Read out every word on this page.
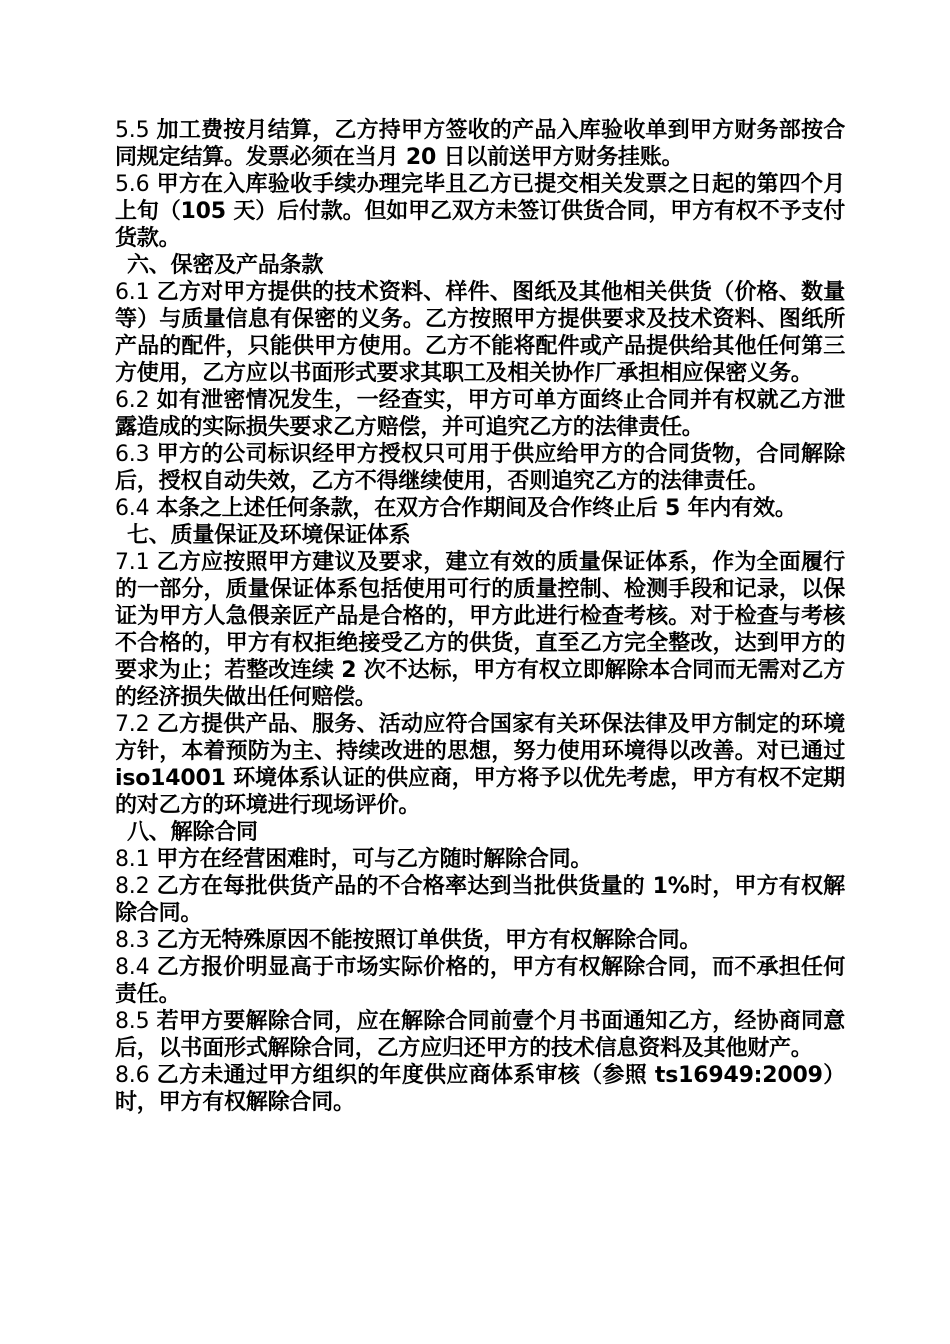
5.5 加工费按月结算，乙方持甲方签收的产品入库验收单到甲方财务部按合同规定结算。发票必须在当月 20 日以前送甲方财务挂账。

5.6 甲方在入库验收手续办理完毕且乙方已提交相关发票之日起的第四个月上旬（105 天）后付款。但如甲乙双方未签订供货合同，甲方有权不予支付货款。

六、保密及产品条款

6.1 乙方对甲方提供的技术资料、样件、图纸及其他相关供货（价格、数量等）与质量信息有保密的义务。乙方按照甲方提供要求及技术资料、图纸所产品的配件，只能供甲方使用。乙方不能将配件或产品提供给其他任何第三方使用，乙方应以书面形式要求其职工及相关协作厂承担相应保密义务。

6.2 如有泄密情况发生，一经查实，甲方可单方面终止合同并有权就乙方泄露造成的实际损失要求乙方赔偿，并可追究乙方的法律责任。

6.3 甲方的公司标识经甲方授权只可用于供应给甲方的合同货物，合同解除后，授权自动失效，乙方不得继续使用，否则追究乙方的法律责任。

6.4 本条之上述任何条款，在双方合作期间及合作终止后 5 年内有效。

七、质量保证及环境保证体系

7.1 乙方应按照甲方建议及要求，建立有效的质量保证体系，作为全面履行的一部分，质量保证体系包括使用可行的质量控制、检测手段和记录，以保证为甲方人急偎亲匠产品是合格的，甲方此进行检查考核。对于检查与考核不合格的，甲方有权拒绝接受乙方的供货，直至乙方完全整改，达到甲方的要求为止；若整改连续 2 次不达标，甲方有权立即解除本合同而无需对乙方的经济损失做出任何赔偿。

7.2 乙方提供产品、服务、活动应符合国家有关环保法律及甲方制定的环境方针，本着预防为主、持续改进的思想，努力使用环境得以改善。对已通过 iso14001 环境体系认证的供应商，甲方将予以优先考虑，甲方有权不定期的对乙方的环境进行现场评价。

八、解除合同

8.1 甲方在经营困难时，可与乙方随时解除合同。

8.2 乙方在每批供货产品的不合格率达到当批供货量的 1%时，甲方有权解除合同。

8.3 乙方无特殊原因不能按照订单供货，甲方有权解除合同。

8.4 乙方报价明显高于市场实际价格的，甲方有权解除合同，而不承担任何责任。

8.5 若甲方要解除合同，应在解除合同前壹个月书面通知乙方，经协商同意后，以书面形式解除合同，乙方应归还甲方的技术信息资料及其他财产。

8.6 乙方未通过甲方组织的年度供应商体系审核（参照 ts16949:2009）时，甲方有权解除合同。
